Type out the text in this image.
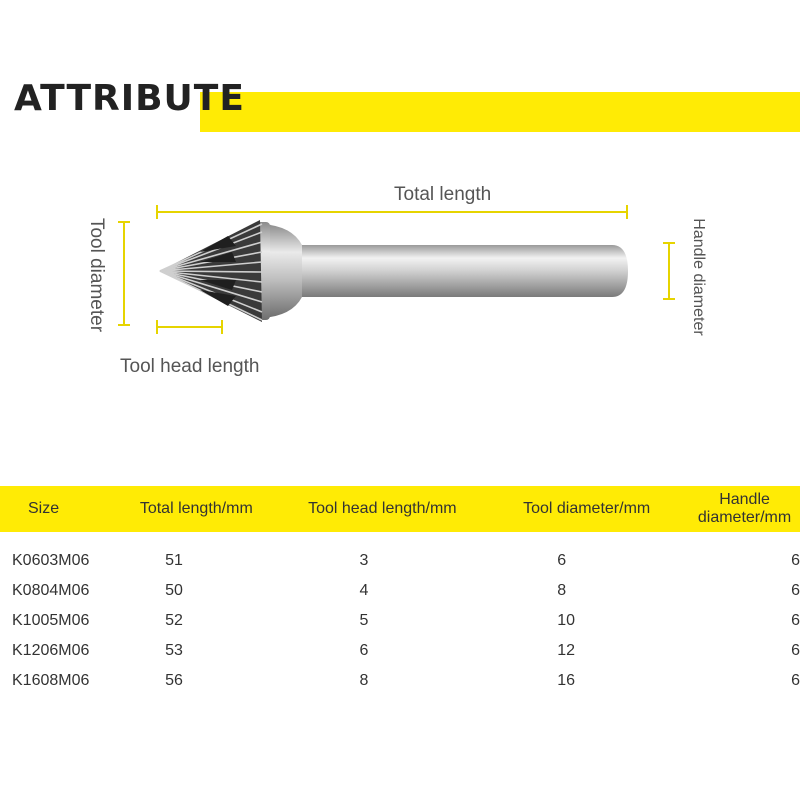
ATTRIBUTE
Total length
Tool head length
Tool diameter	Handle diameter
Size	Total length/mm	Tool head length/mm	Tool diameter/mm	Handle diameter/mm
K0603M06	51	3	6	6
K0804M06	50	4	8	6
K1005M06	52	5	10	6
K1206M06	53	6	12	6
K1608M06	56	8	16	6
